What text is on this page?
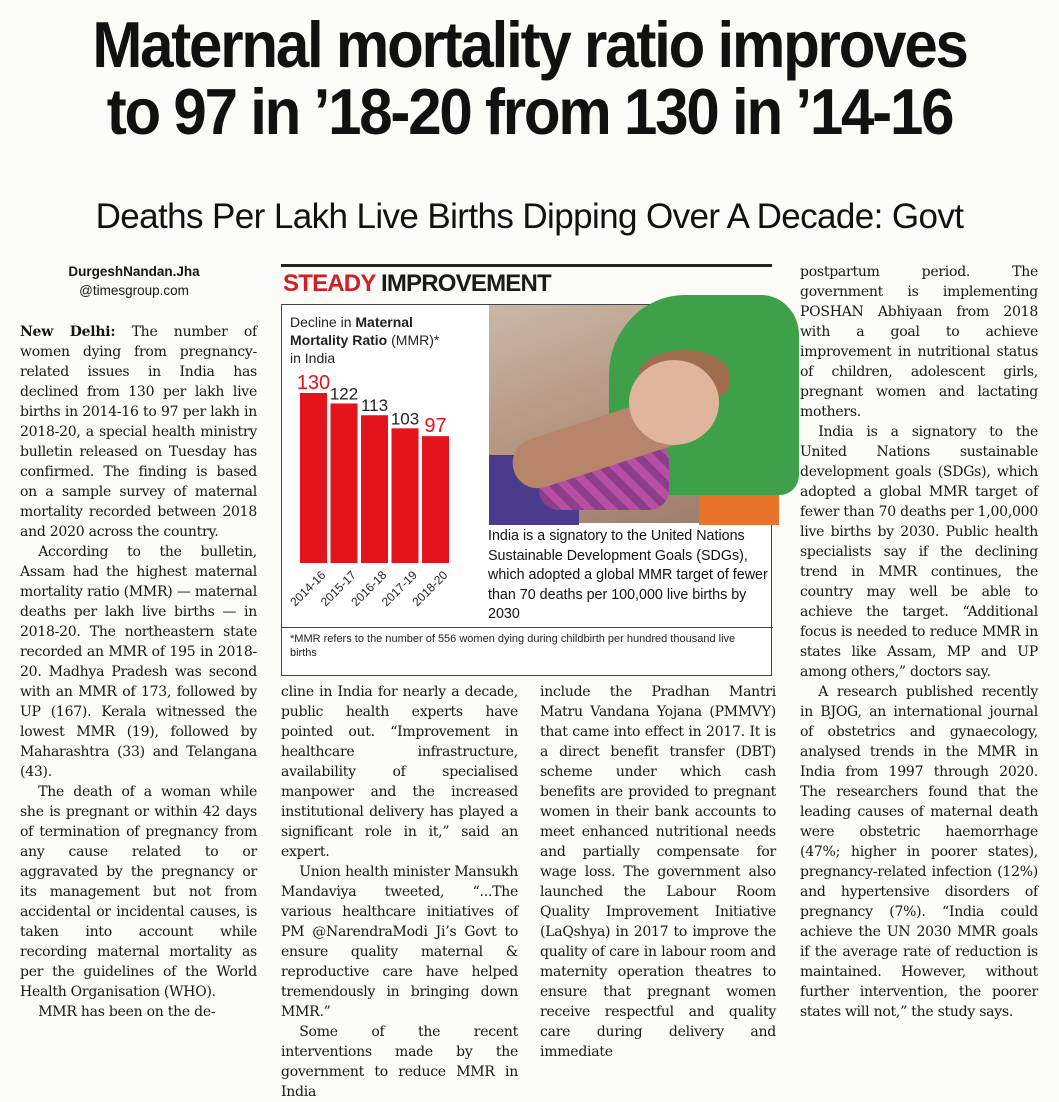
Maternal mortality ratio improves
to 97 in ’18-20 from 130 in ’14-16
Deaths Per Lakh Live Births Dipping Over A Decade: Govt
DurgeshNandan.Jha
@timesgroup.com

New Delhi: The number of women dying from pregnancy-related issues in India has declined from 130 per lakh live births in 2014-16 to 97 per lakh in 2018-20, a special health ministry bulletin released on Tuesday has confirmed. The finding is based on a sample survey of maternal mortality recorded between 2018 and 2020 across the country.

According to the bulletin, Assam had the highest maternal mortality ratio (MMR) — maternal deaths per lakh live births — in 2018-20. The northeastern state recorded an MMR of 195 in 2018-20. Madhya Pradesh was second with an MMR of 173, followed by UP (167). Kerala witnessed the lowest MMR (19), followed by Maharashtra (33) and Telangana (43).

The death of a woman while she is pregnant or within 42 days of termination of pregnancy from any cause related to or aggravated by the pregnancy or its management but not from accidental or incidental causes, is taken into account while recording maternal mortality as per the guidelines of the World Health Organisation (WHO).

MMR has been on the de-

STEADY IMPROVEMENT
Decline in Maternal
Mortality Ratio (MMR)*
in India
130
2014-16
122
2015-17
113
2016-18
103
2017-19
97
2018-20
India is a signatory to the United Nations Sustainable Development Goals (SDGs), which adopted a global MMR target of fewer than 70 deaths per 100,000 live births by 2030
*MMR refers to the number of 556 women dying during childbirth per hundred thousand live births

cline in India for nearly a decade, public health experts have pointed out. “Improvement in healthcare infrastructure, availability of specialised manpower and the increased institutional delivery has played a significant role in it,” said an expert.

Union health minister Mansukh Mandaviya tweeted, “...The various healthcare initiatives of PM @NarendraModi Ji’s Govt to ensure quality maternal & reproductive care have helped tremendously in bringing down MMR.”

Some of the recent interventions made by the government to reduce MMR in India

include the Pradhan Mantri Matru Vandana Yojana (PMMVY) that came into effect in 2017. It is a direct benefit transfer (DBT) scheme under which cash benefits are provided to pregnant women in their bank accounts to meet enhanced nutritional needs and partially compensate for wage loss. The government also launched the Labour Room Quality Improvement Initiative (LaQshya) in 2017 to improve the quality of care in labour room and maternity operation theatres to ensure that pregnant women receive respectful and quality care during delivery and immediate

postpartum period. The government is implementing POSHAN Abhiyaan from 2018 with a goal to achieve improvement in nutritional status of children, adolescent girls, pregnant women and lactating mothers.

India is a signatory to the United Nations sustainable development goals (SDGs), which adopted a global MMR target of fewer than 70 deaths per 1,00,000 live births by 2030. Public health specialists say if the declining trend in MMR continues, the country may well be able to achieve the target. “Additional focus is needed to reduce MMR in states like Assam, MP and UP among others,” doctors say.

A research published recently in BJOG, an international journal of obstetrics and gynaecology, analysed trends in the MMR in India from 1997 through 2020. The researchers found that the leading causes of maternal death were obstetric haemorrhage (47%; higher in poorer states), pregnancy-related infection (12%) and hypertensive disorders of pregnancy (7%). “India could achieve the UN 2030 MMR goals if the average rate of reduction is maintained. However, without further intervention, the poorer states will not,” the study says.
